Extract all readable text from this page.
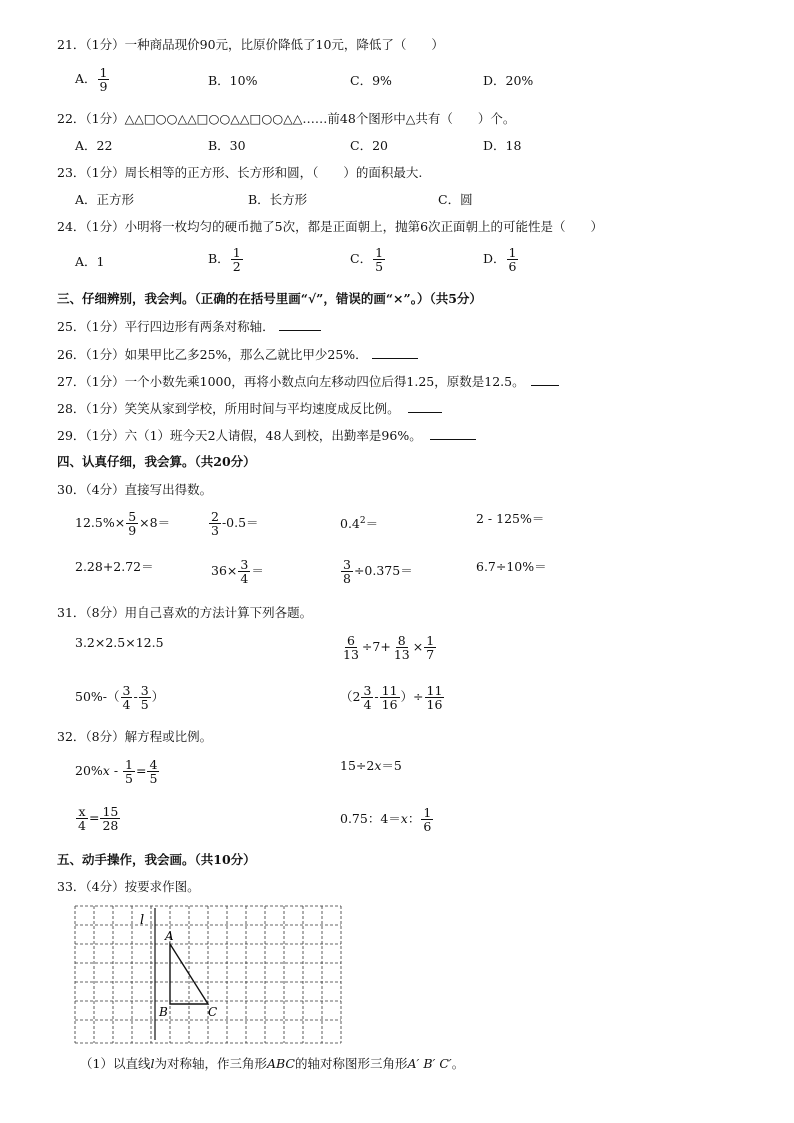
21．（1分）一种商品现价90元，比原价降低了10元，降低了（　　）
A． $\frac{1}{9}$	B．10%	C．9%	D．20%
22．（1分）△△□○○△△□○○△△□○○△△……前48个图形中△共有（　　）个。
A．22	B．30	C．20	D．18
23．（1分）周长相等的正方形、长方形和圆，（　　）的面积最大.
A．正方形	B．长方形	C．圆
24．（1分）小明将一枚均匀的硬币抛了5次，都是正面朝上，抛第6次正面朝上的可能性是（　　）
A．1	B． $\frac{1}{2}$	C． $\frac{1}{5}$	D． $\frac{1}{6}$
三、仔细辨别，我会判。（正确的在括号里画“√”，错误的画“×”。）（共5分）
25．（1分）平行四边形有两条对称轴．
26．（1分）如果甲比乙多25%，那么乙就比甲少25%．
27．（1分）一个小数先乘1000，再将小数点向左移动四位后得1.25，原数是12.5。
28．（1分）笑笑从家到学校，所用时间与平均速度成反比例。
29．（1分）六（1）班今天2人请假，48人到校，出勤率是96%。
四、认真仔细，我会算。（共20分）
30．（4分）直接写出得数。
$12.5\%\times \frac{5}{9} \times 8=$	$\frac{2}{3} -0.5=$	$0.4^2=$	2 - 125%＝
2.28+2.72＝	$36\times \frac{3}{4}$ ＝	$\frac{3}{8} \div 0.375=$	6.7÷10%＝
31．（8分）用自己喜欢的方法计算下列各题。
3.2×2.5×12.5	$\frac{6}{13} \div 7+ \frac{8}{13} \times \frac{1}{7}$
$50\%-( \frac{3}{4} - \frac{3}{5}$ ）	（$2 \frac{3}{4} - \frac{11}{16}$ ）÷ $\frac{11}{16}$
32．（8分）解方程或比例。
$20\%x - \frac{1}{5} = \frac{4}{5}$	15÷2x＝5
$\frac{x}{4} = \frac{15}{28}$	0.75：4＝x： $\frac{1}{6}$
五、动手操作，我会画。（共10分）
33．（4分）按要求作图。
l
A
B	C
（1）以直线l为对称轴，作三角形ABC的轴对称图形三角形A′ B′ C′。
